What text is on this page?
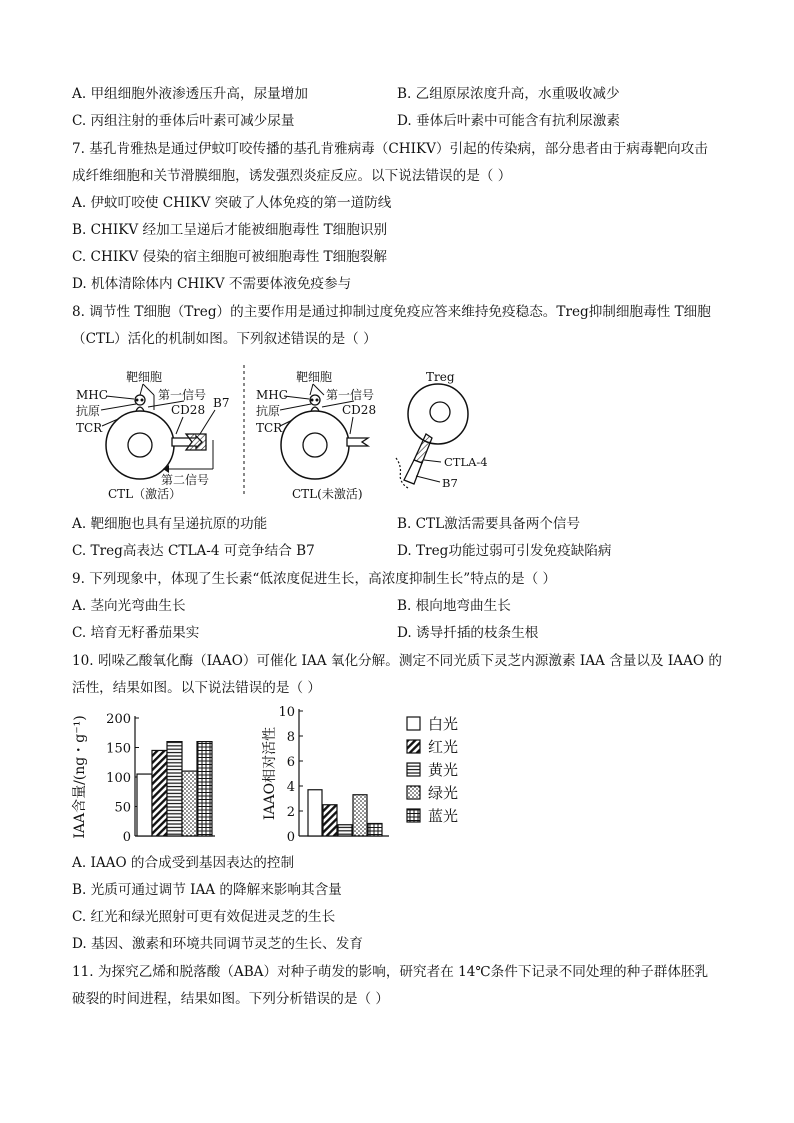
A. 甲组细胞外液渗透压升高，尿量增加	B. 乙组原尿浓度升高，水重吸收减少
C. 丙组注射的垂体后叶素可减少尿量	D. 垂体后叶素中可能含有抗利尿激素
7. 基孔肯雅热是通过伊蚊叮咬传播的基孔肯雅病毒（CHIKV）引起的传染病，部分患者由于病毒靶向攻击
成纤维细胞和关节滑膜细胞，诱发强烈炎症反应。以下说法错误的是（ ）
A. 伊蚊叮咬使 CHIKV 突破了人体免疫的第一道防线
B. CHIKV 经加工呈递后才能被细胞毒性 T细胞识别
C. CHIKV 侵染的宿主细胞可被细胞毒性 T细胞裂解
D. 机体清除体内 CHIKV 不需要体液免疫参与
8. 调节性 T细胞（Treg）的主要作用是通过抑制过度免疫应答来维持免疫稳态。Treg抑制细胞毒性 T细胞
（CTL）活化的机制如图。下列叙述错误的是（ ）
靶细胞
MHC
抗原
TCR
第一信号
CD28 B7
第二信号
CTL（激活）
靶细胞
MHC
抗原
TCR
第一信号
CD28
CTL(未激活)
Treg
CTLA-4
B7
A. 靶细胞也具有呈递抗原的功能	B. CTL激活需要具备两个信号
C. Treg高表达 CTLA-4 可竞争结合 B7	D. Treg功能过弱可引发免疫缺陷病
9. 下列现象中，体现了生长素“低浓度促进生长，高浓度抑制生长”特点的是（ ）
A. 茎向光弯曲生长	B. 根向地弯曲生长
C. 培育无籽番茄果实	D. 诱导扦插的枝条生根
10. 吲哚乙酸氧化酶（IAAO）可催化 IAA 氧化分解。测定不同光质下灵芝内源激素 IAA 含量以及 IAAO 的
活性，结果如图。以下说法错误的是（ ）
0
50
100
150
200
IAA含量/(ng・g⁻¹)	0
2
4
6
8
10
IAAO相对活性
白光
红光
黄光
绿光
蓝光
A. IAAO 的合成受到基因表达的控制
B. 光质可通过调节 IAA 的降解来影响其含量
C. 红光和绿光照射可更有效促进灵芝的生长
D. 基因、激素和环境共同调节灵芝的生长、发育
11. 为探究乙烯和脱落酸（ABA）对种子萌发的影响，研究者在 14℃条件下记录不同处理的种子群体胚乳
破裂的时间进程，结果如图。下列分析错误的是（ ）
